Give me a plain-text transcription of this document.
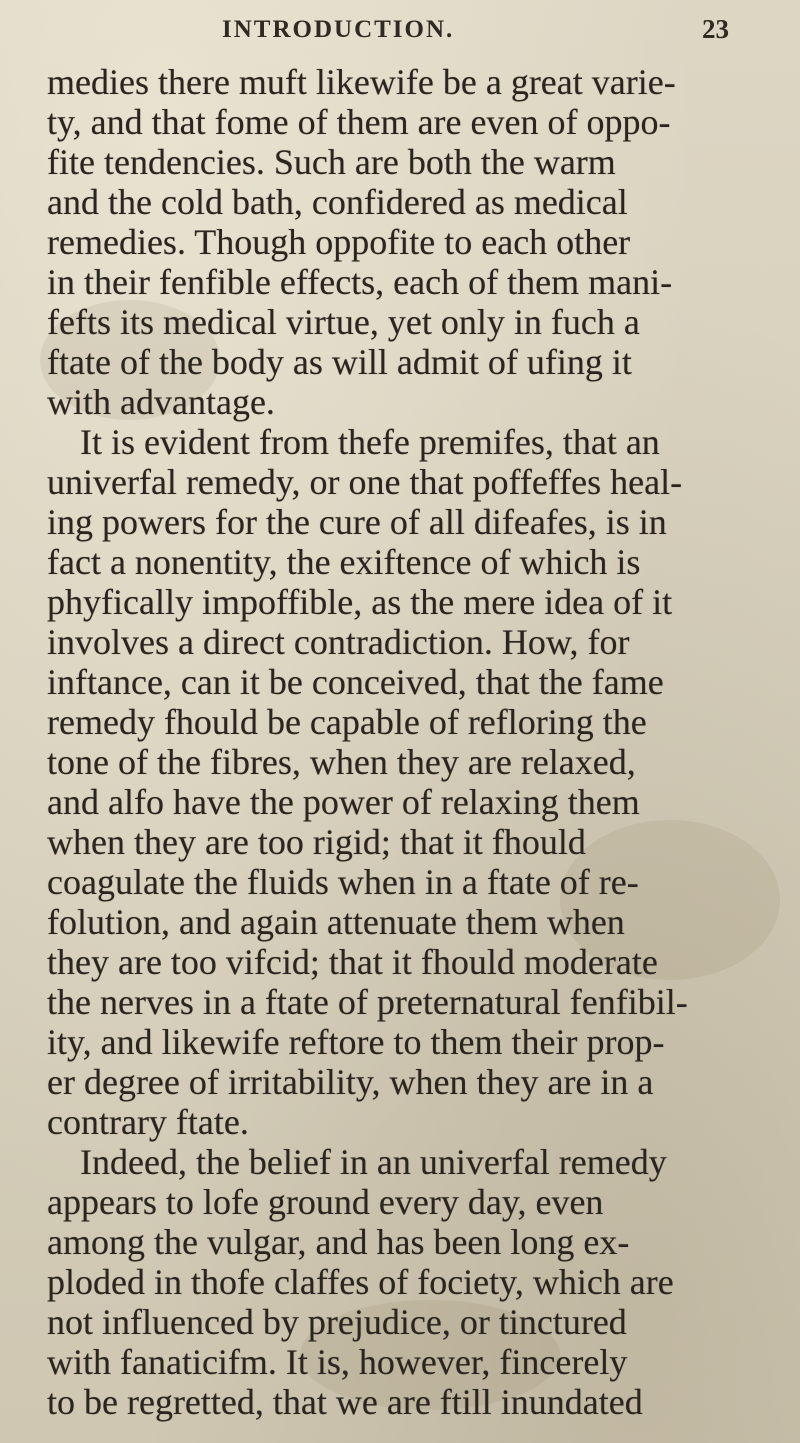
INTRODUCTION.	23
medies there muft likewife be a great varie-
ty, and that fome of them are even of oppo-
fite tendencies. Such are both the warm
and the cold bath, confidered as medical
remedies. Though oppofite to each other
in their fenfible effects, each of them mani-
fefts its medical virtue, yet only in fuch a
ftate of the body as will admit of ufing it
with advantage.
It is evident from thefe premifes, that an
univerfal remedy, or one that poffeffes heal-
ing powers for the cure of all difeafes, is in
fact a nonentity, the exiftence of which is
phyfically impoffible, as the mere idea of it
involves a direct contradiction. How, for
inftance, can it be conceived, that the fame
remedy fhould be capable of refloring the
tone of the fibres, when they are relaxed,
and alfo have the power of relaxing them
when they are too rigid; that it fhould
coagulate the fluids when in a ftate of re-
folution, and again attenuate them when
they are too vifcid; that it fhould moderate
the nerves in a ftate of preternatural fenfibil-
ity, and likewife reftore to them their prop-
er degree of irritability, when they are in a
contrary ftate.
Indeed, the belief in an univerfal remedy
appears to lofe ground every day, even
among the vulgar, and has been long ex-
ploded in thofe claffes of fociety, which are
not influenced by prejudice, or tinctured
with fanaticifm. It is, however, fincerely
to be regretted, that we are ftill inundated
